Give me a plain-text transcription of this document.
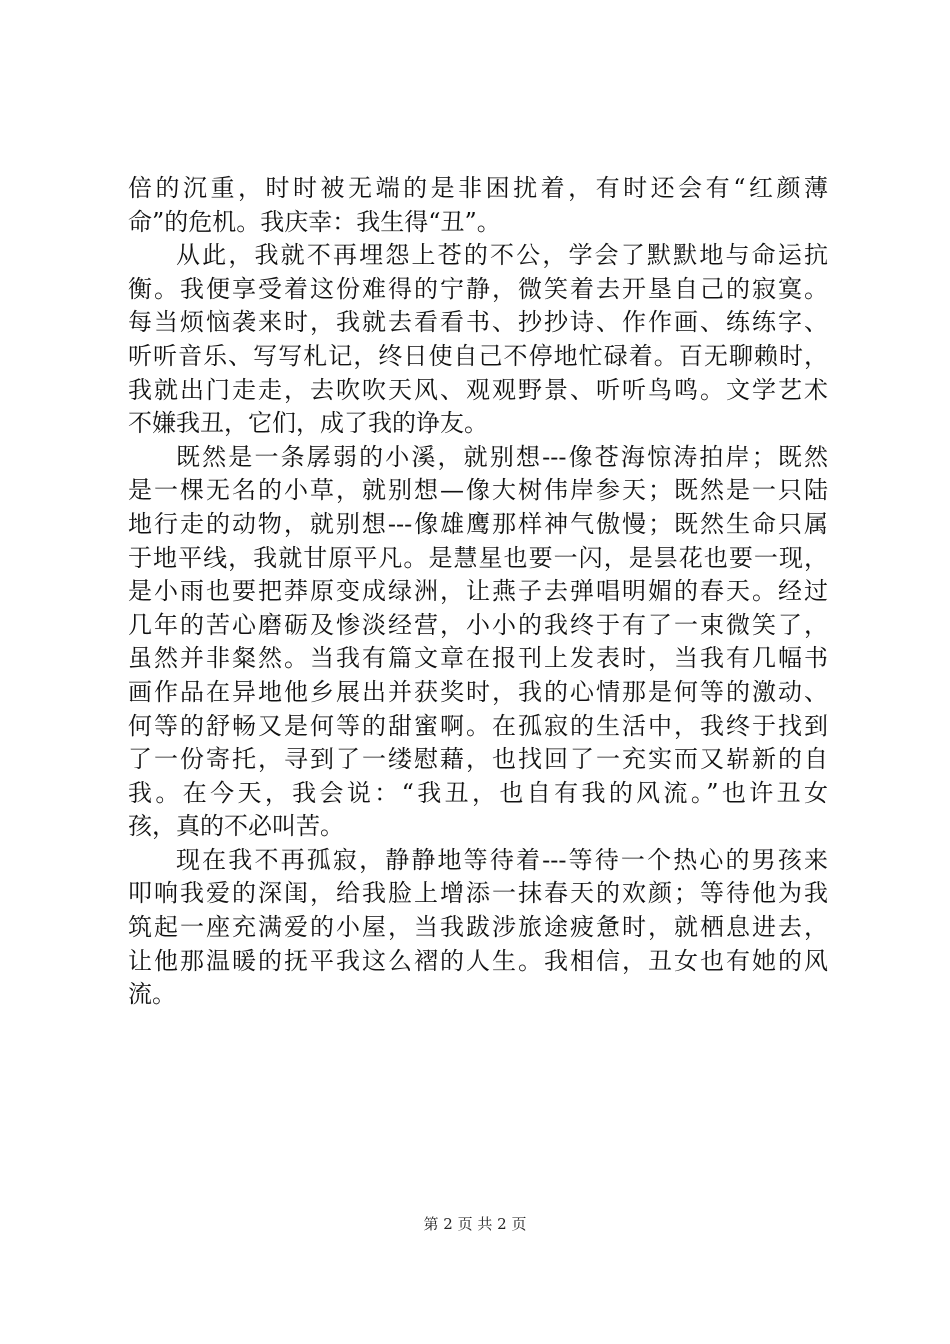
倍的沉重，时时被无端的是非困扰着，有时还会有“红颜薄
命”的危机。我庆幸：我生得“丑”。
从此，我就不再埋怨上苍的不公，学会了默默地与命运抗
衡。我便享受着这份难得的宁静，微笑着去开垦自己的寂寞。
每当烦恼袭来时，我就去看看书、抄抄诗、作作画、练练字、
听听音乐、写写札记，终日使自己不停地忙碌着。百无聊赖时，
我就出门走走，去吹吹天风、观观野景、听听鸟鸣。文学艺术
不嫌我丑，它们，成了我的诤友。
既然是一条孱弱的小溪，就别想---像苍海惊涛拍岸；既然
是一棵无名的小草，就别想—像大树伟岸参天；既然是一只陆
地行走的动物，就别想---像雄鹰那样神气傲慢；既然生命只属
于地平线，我就甘原平凡。是慧星也要一闪，是昙花也要一现，
是小雨也要把莽原变成绿洲，让燕子去弹唱明媚的春天。经过
几年的苦心磨砺及惨淡经营，小小的我终于有了一束微笑了，
虽然并非粲然。当我有篇文章在报刊上发表时，当我有几幅书
画作品在异地他乡展出并获奖时，我的心情那是何等的激动、
何等的舒畅又是何等的甜蜜啊。在孤寂的生活中，我终于找到
了一份寄托，寻到了一缕慰藉，也找回了一充实而又崭新的自
我。在今天，我会说：“我丑，也自有我的风流。”也许丑女
孩，真的不必叫苦。
现在我不再孤寂，静静地等待着---等待一个热心的男孩来
叩响我爱的深闺，给我脸上增添一抹春天的欢颜；等待他为我
筑起一座充满爱的小屋，当我跋涉旅途疲惫时，就栖息进去，
让他那温暖的抚平我这么褶的人生。我相信，丑女也有她的风
流。
第 2 页 共 2 页
